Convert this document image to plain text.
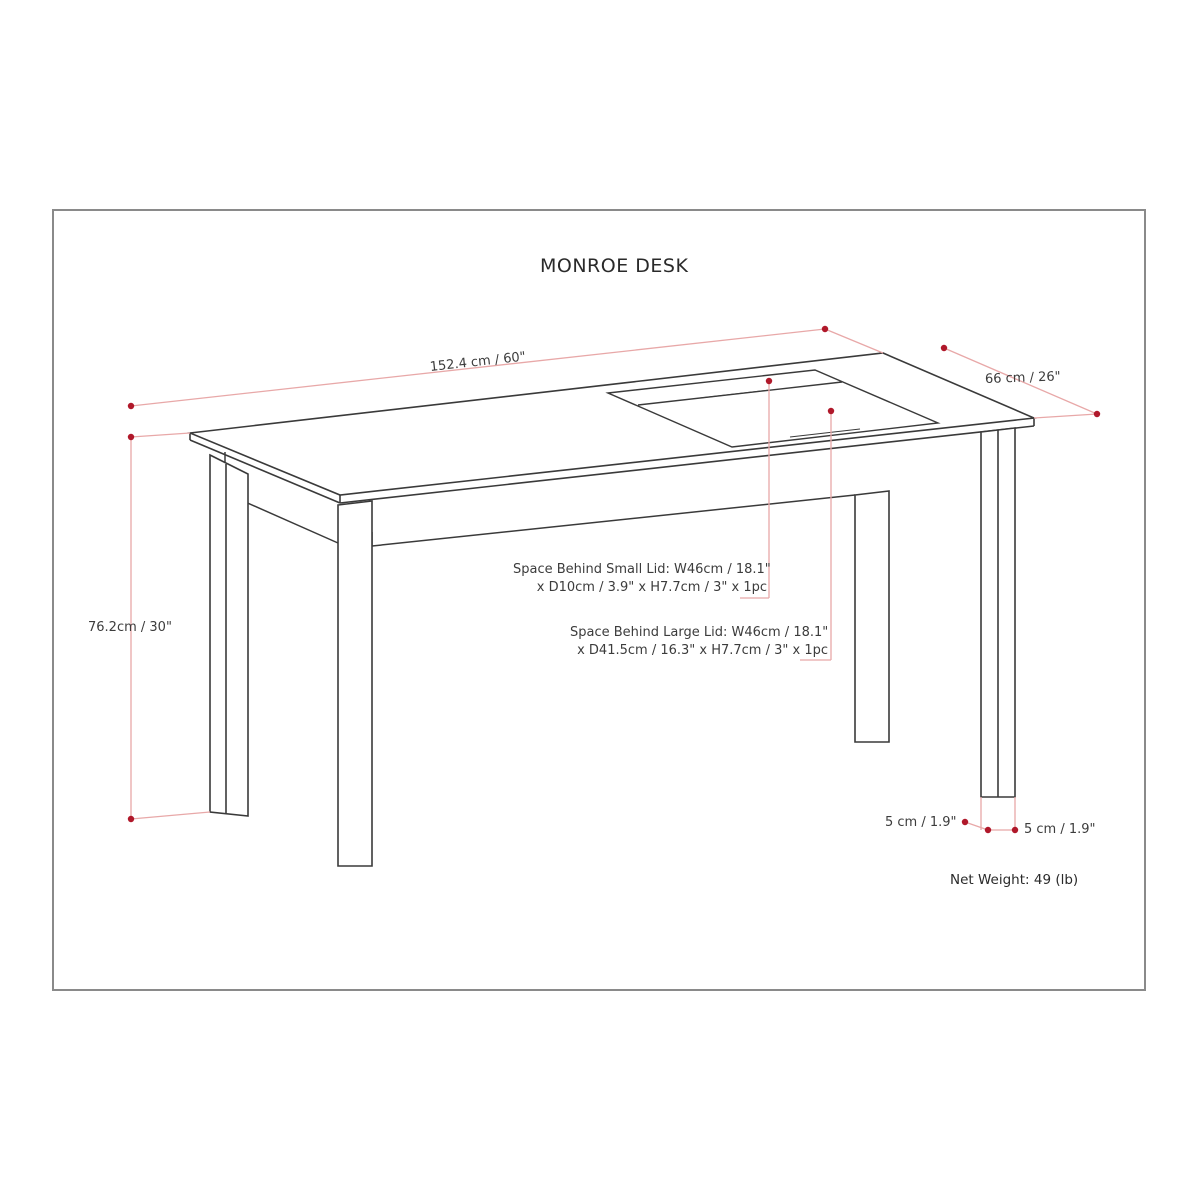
MONROE DESK
152.4 cm / 60"
66 cm / 26"
76.2cm / 30"
Space Behind Small Lid: W46cm / 18.1"
x D10cm / 3.9" x H7.7cm / 3" x 1pc
Space Behind Large Lid: W46cm / 18.1"
x D41.5cm / 16.3" x H7.7cm / 3" x 1pc
5 cm / 1.9"	5 cm / 1.9"
Net Weight: 49 (lb)
